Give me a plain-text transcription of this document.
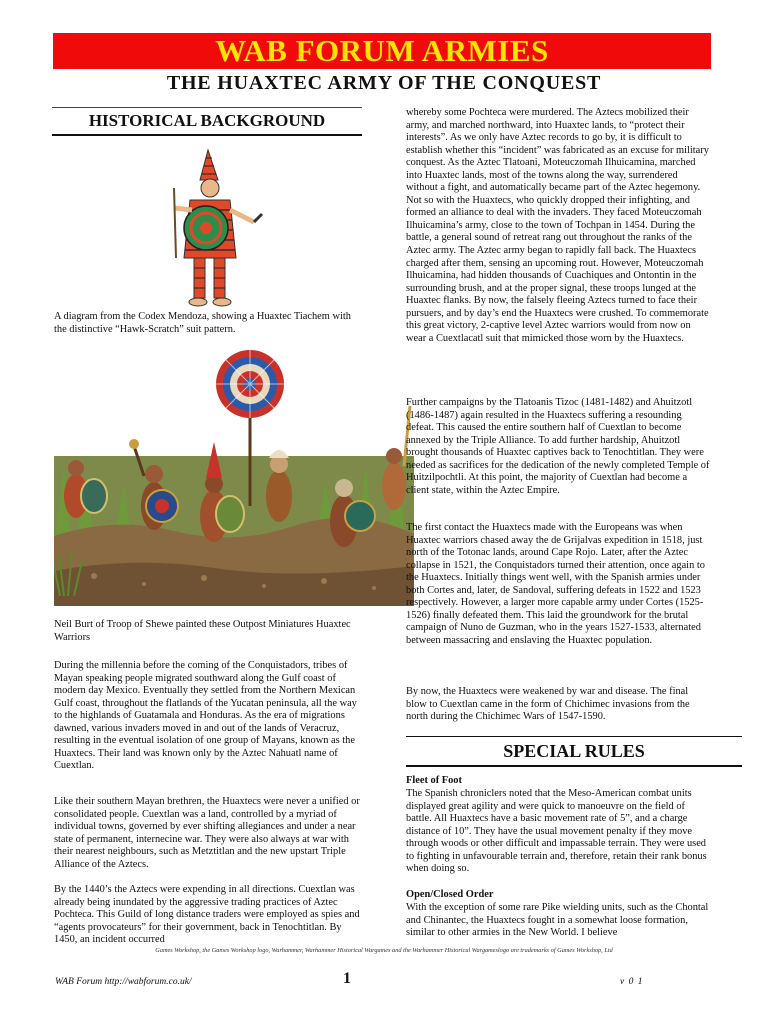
WAB FORUM ARMIES
THE HUAXTEC ARMY OF THE CONQUEST
HISTORICAL BACKGROUND

A diagram from the Codex Mendoza, showing a Huaxtec Tiachem with the distinctive “Hawk-Scratch” suit pattern.

Neil Burt of Troop of Shewe painted these Outpost Miniatures Huaxtec Warriors

During the millennia before the coming of the Conquistadors, tribes of Mayan speaking people migrated southward along the Gulf coast of modern day Mexico. Eventually they settled from the Northern Mexican Gulf coast, throughout the flatlands of the Yucatan peninsula, all the way to the highlands of Guatamala and Honduras. As the era of migrations dawned, various invaders moved in and out of the lands of Veracruz, resulting in the eventual isolation of one group of Mayans, known as the Huaxtecs. Their land was known only by the Aztec Nahuatl name of Cuextlan.

Like their southern Mayan brethren, the Huaxtecs were never a unified or consolidated people. Cuextlan was a land, controlled by a myriad of individual towns, governed by ever shifting allegiances and under a near state of permanent, internecine war. They were also always at war with their nearest neighbours, such as Metztitlan and the new upstart Triple Alliance of the Aztecs.

By the 1440’s the Aztecs were expending in all directions. Cuextlan was already being inundated by the aggressive trading practices of Aztec Pochteca. This Guild of long distance traders were employed as spies and “agents provocateurs” for their government, back in Tenochtitlan. By 1450, an incident occurred

whereby some Pochteca were murdered. The Aztecs mobilized their army, and marched northward, into Huaxtec lands, to “protect their interests”. As we only have Aztec records to go by, it is difficult to establish whether this “incident” was fabricated as an excuse for military conquest. As the Aztec Tlatoani, Moteuczomah Ilhuicamina, marched into Huaxtec lands, most of the towns along the way, surrendered without a fight, and automatically became part of the Aztec hegemony. Not so with the Huaxtecs, who quickly dropped their infighting, and formed an alliance to deal with the invaders. They faced Moteuczomah Ilhuicamina’s army, close to the town of Tochpan in 1454. During the battle, a general sound of retreat rang out throughout the ranks of the Aztec army. The Aztec army began to rapidly fall back. The Huaxtecs charged after them, sensing an upcoming rout. However, Moteuczomah Ilhuicamina, had hidden thousands of Cuachiques and Ontontin in the surrounding brush, and at the proper signal, these troops lunged at the Huaxtec flanks. By now, the falsely fleeing Aztecs turned to face their pursuers, and by day’s end the Huaxtecs were crushed. To commemorate this great victory, 2-captive level Aztec warriors would from now on wear a Cuextlacatl suit that mimicked those worn by the Huaxtecs.

Further campaigns by the Tlatoanis Tizoc (1481-1482) and Ahuitzotl (1486-1487) again resulted in the Huaxtecs suffering a resounding defeat. This caused the entire southern half of Cuextlan to become annexed by the Triple Alliance. To add further hardship, Ahuitzotl brought thousands of Huaxtec captives back to Tenochtitlan. They were needed as sacrifices for the dedication of the newly completed Temple of Huitzilpochtli. At this point, the majority of Cuextlan had become a client state, within the Aztec Empire.

The first contact the Huaxtecs made with the Europeans was when Huaxtec warriors chased away the de Grijalvas expedition in 1518, just north of the Totonac lands, around Cape Rojo. Later, after the Aztec collapse in 1521, the Conquistadors turned their attention, once again to the Huaxtecs. Initially things went well, with the Spanish armies under both Cortes and, later, de Sandoval, suffering defeats in 1522 and 1523 respectively. However, a larger more capable army under Cortes (1525-1526) finally defeated them. This laid the groundwork for the brutal campaign of Nuno de Guzman, who in the years 1527-1533, alternated between massacring and enslaving the Huaxtec population.

By now, the Huaxtecs were weakened by war and disease. The final blow to Cuextlan came in the form of Chichimec invasions from the north during the Chichimec Wars of 1547-1590.

SPECIAL RULES

Fleet of Foot

The Spanish chroniclers noted that the Meso-American combat units displayed great agility and were quick to manoeuvre on the field of battle. All Huaxtecs have a basic movement rate of 5”, and a charge distance of 10”. They have the usual movement penalty if they move through woods or other difficult and impassable terrain. They were used to fighting in unfavourable terrain and, therefore, retain their rank bonus when doing so.

Open/Closed Order

With the exception of some rare Pike wielding units, such as the Chontal and Chinantec, the Huaxtecs fought in a somewhat loose formation, similar to other armies in the New World. I believe

Games Workshop, the Games Workshop logo, Warhammer, Warhammer Historical Wargames and the Warhammer Historical Wargameslogo are trademarks of Games Workshop, Ltd
WAB Forum http://wabforum.co.uk/	1	v 0 1
